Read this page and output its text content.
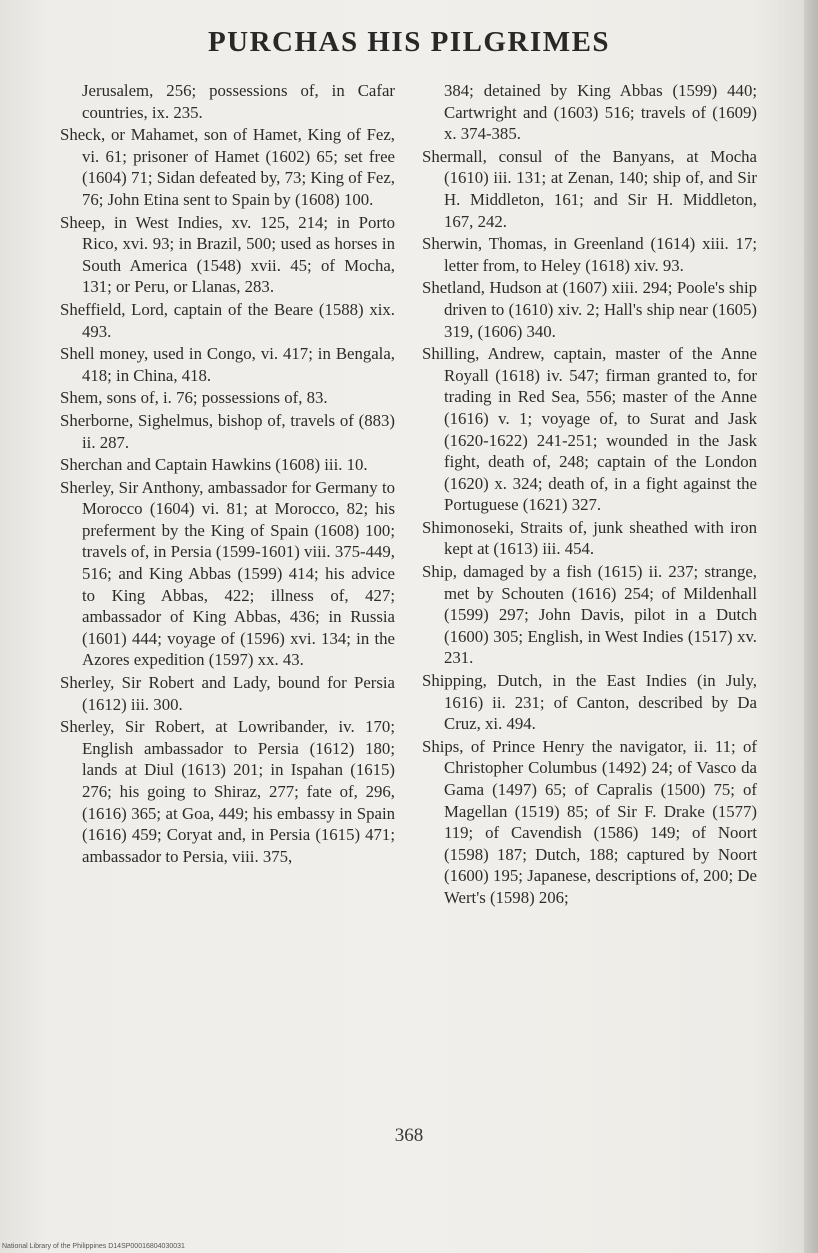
PURCHAS HIS PILGRIMES

Jerusalem, 256; possessions of, in Cafar countries, ix. 235.

Sheck, or Mahamet, son of Hamet, King of Fez, vi. 61; prisoner of Hamet (1602) 65; set free (1604) 71; Sidan defeated by, 73; King of Fez, 76; John Etina sent to Spain by (1608) 100.

Sheep, in West Indies, xv. 125, 214; in Porto Rico, xvi. 93; in Brazil, 500; used as horses in South America (1548) xvii. 45; of Mocha, 131; or Peru, or Llanas, 283.

Sheffield, Lord, captain of the Beare (1588) xix. 493.

Shell money, used in Congo, vi. 417; in Bengala, 418; in China, 418.

Shem, sons of, i. 76; possessions of, 83.

Sherborne, Sighelmus, bishop of, travels of (883) ii. 287.

Sherchan and Captain Hawkins (1608) iii. 10.

Sherley, Sir Anthony, ambassador for Germany to Morocco (1604) vi. 81; at Morocco, 82; his preferment by the King of Spain (1608) 100; travels of, in Persia (1599-1601) viii. 375-449, 516; and King Abbas (1599) 414; his advice to King Abbas, 422; illness of, 427; ambassador of King Abbas, 436; in Russia (1601) 444; voyage of (1596) xvi. 134; in the Azores expedition (1597) xx. 43.

Sherley, Sir Robert and Lady, bound for Persia (1612) iii. 300.

Sherley, Sir Robert, at Lowribander, iv. 170; English ambassador to Persia (1612) 180; lands at Diul (1613) 201; in Ispahan (1615) 276; his going to Shiraz, 277; fate of, 296, (1616) 365; at Goa, 449; his embassy in Spain (1616) 459; Coryat and, in Persia (1615) 471; ambassador to Persia, viii. 375,

384; detained by King Abbas (1599) 440; Cartwright and (1603) 516; travels of (1609) x. 374-385.

Shermall, consul of the Banyans, at Mocha (1610) iii. 131; at Zenan, 140; ship of, and Sir H. Middleton, 161; and Sir H. Middleton, 167, 242.

Sherwin, Thomas, in Greenland (1614) xiii. 17; letter from, to Heley (1618) xiv. 93.

Shetland, Hudson at (1607) xiii. 294; Poole's ship driven to (1610) xiv. 2; Hall's ship near (1605) 319, (1606) 340.

Shilling, Andrew, captain, master of the Anne Royall (1618) iv. 547; firman granted to, for trading in Red Sea, 556; master of the Anne (1616) v. 1; voyage of, to Surat and Jask (1620-1622) 241-251; wounded in the Jask fight, death of, 248; captain of the London (1620) x. 324; death of, in a fight against the Portuguese (1621) 327.

Shimonoseki, Straits of, junk sheathed with iron kept at (1613) iii. 454.

Ship, damaged by a fish (1615) ii. 237; strange, met by Schouten (1616) 254; of Mildenhall (1599) 297; John Davis, pilot in a Dutch (1600) 305; English, in West Indies (1517) xv. 231.

Shipping, Dutch, in the East Indies (in July, 1616) ii. 231; of Canton, described by Da Cruz, xi. 494.

Ships, of Prince Henry the navigator, ii. 11; of Christopher Columbus (1492) 24; of Vasco da Gama (1497) 65; of Capralis (1500) 75; of Magellan (1519) 85; of Sir F. Drake (1577) 119; of Cavendish (1586) 149; of Noort (1598) 187; Dutch, 188; captured by Noort (1600) 195; Japanese, descriptions of, 200; De Wert's (1598) 206;

368
National Library of the Philippines D14SP00016804030031
